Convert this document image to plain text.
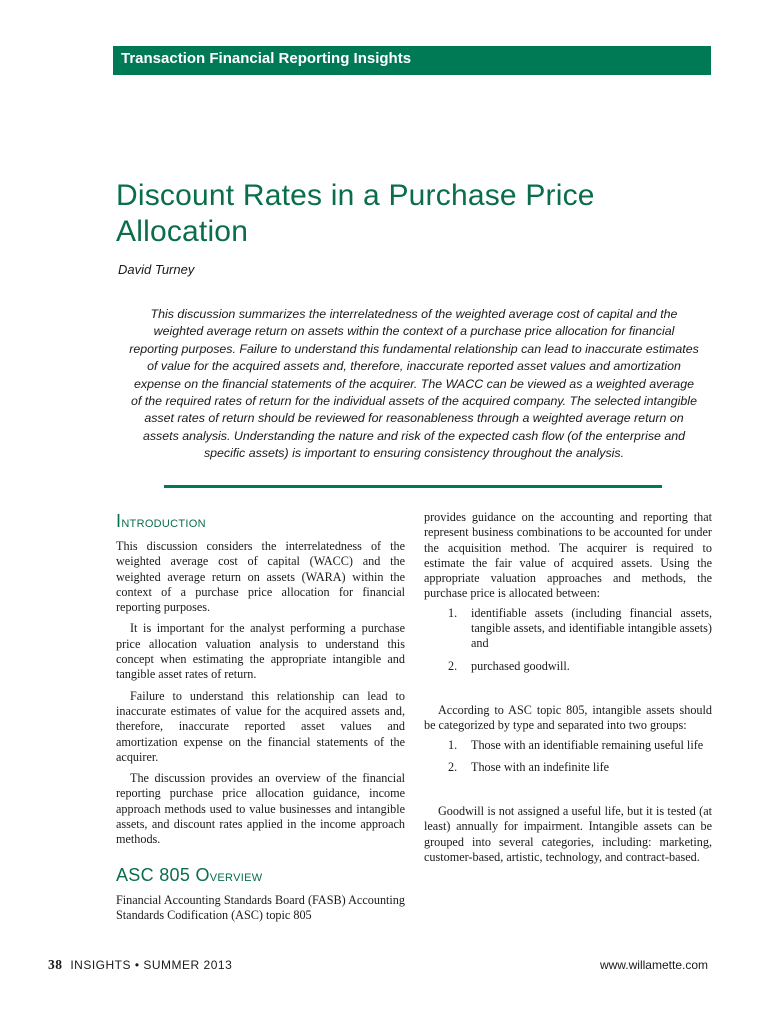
Transaction Financial Reporting Insights
Discount Rates in a Purchase Price
Allocation
David Turney
This discussion summarizes the interrelatedness of the weighted average cost of capital and the weighted average return on assets within the context of a purchase price allocation for financial reporting purposes. Failure to understand this fundamental relationship can lead to inaccurate estimates of value for the acquired assets and, therefore, inaccurate reported asset values and amortization expense on the financial statements of the acquirer. The WACC can be viewed as a weighted average of the required rates of return for the individual assets of the acquired company. The selected intangible asset rates of return should be reviewed for reasonableness through a weighted average return on assets analysis. Understanding the nature and risk of the expected cash flow (of the enterprise and specific assets) is important to ensuring consistency throughout the analysis.
Introduction

This discussion considers the interrelatedness of the weighted average cost of capital (WACC) and the weighted average return on assets (WARA) within the context of a purchase price allocation for financial reporting purposes.

It is important for the analyst performing a purchase price allocation valuation analysis to understand this concept when estimating the appropriate intangible and tangible asset rates of return.

Failure to understand this relationship can lead to inaccurate estimates of value for the acquired assets and, therefore, inaccurate reported asset values and amortization expense on the financial statements of the acquirer.

The discussion provides an overview of the financial reporting purchase price allocation guidance, income approach methods used to value businesses and intangible assets, and discount rates applied in the income approach methods.

ASC 805 Overview

Financial Accounting Standards Board (FASB) Accounting Standards Codification (ASC) topic 805

provides guidance on the accounting and reporting that represent business combinations to be accounted for under the acquisition method. The acquirer is required to estimate the fair value of acquired assets. Using the appropriate valuation approaches and methods, the purchase price is allocated between:

1. identifiable assets (including financial assets, tangible assets, and identifiable intangible assets) and
2. purchased goodwill.

According to ASC topic 805, intangible assets should be categorized by type and separated into two groups:

1. Those with an identifiable remaining useful life
2. Those with an indefinite life

Goodwill is not assigned a useful life, but it is tested (at least) annually for impairment. Intangible assets can be grouped into several categories, including: marketing, customer-based, artistic, technology, and contract-based.

38 INSIGHTS • SUMMER 2013	www.willamette.com
